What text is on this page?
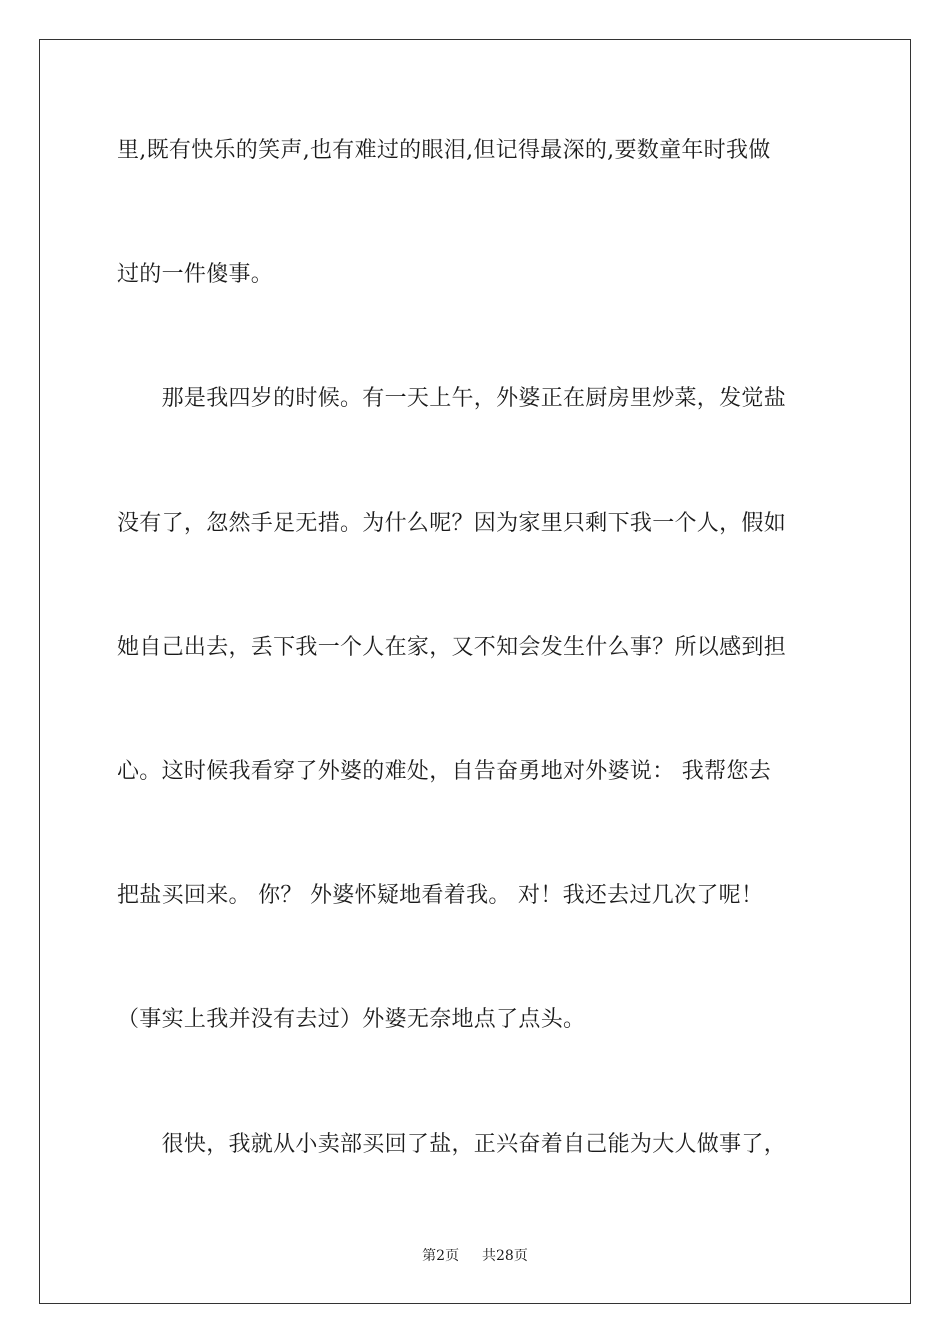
里,既有快乐的笑声,也有难过的眼泪,但记得最深的,要数童年时我做
过的一件傻事。
　　那是我四岁的时候。有一天上午，外婆正在厨房里炒菜，发觉盐
没有了，忽然手足无措。为什么呢？因为家里只剩下我一个人，假如
她自己出去，丢下我一个人在家，又不知会发生什么事？所以感到担
心。这时候我看穿了外婆的难处，自告奋勇地对外婆说： 我帮您去
把盐买回来。 你？ 外婆怀疑地看着我。 对！我还去过几次了呢！
（事实上我并没有去过）外婆无奈地点了点头。
　　很快，我就从小卖部买回了盐，正兴奋着自己能为大人做事了，
第2页 共28页
